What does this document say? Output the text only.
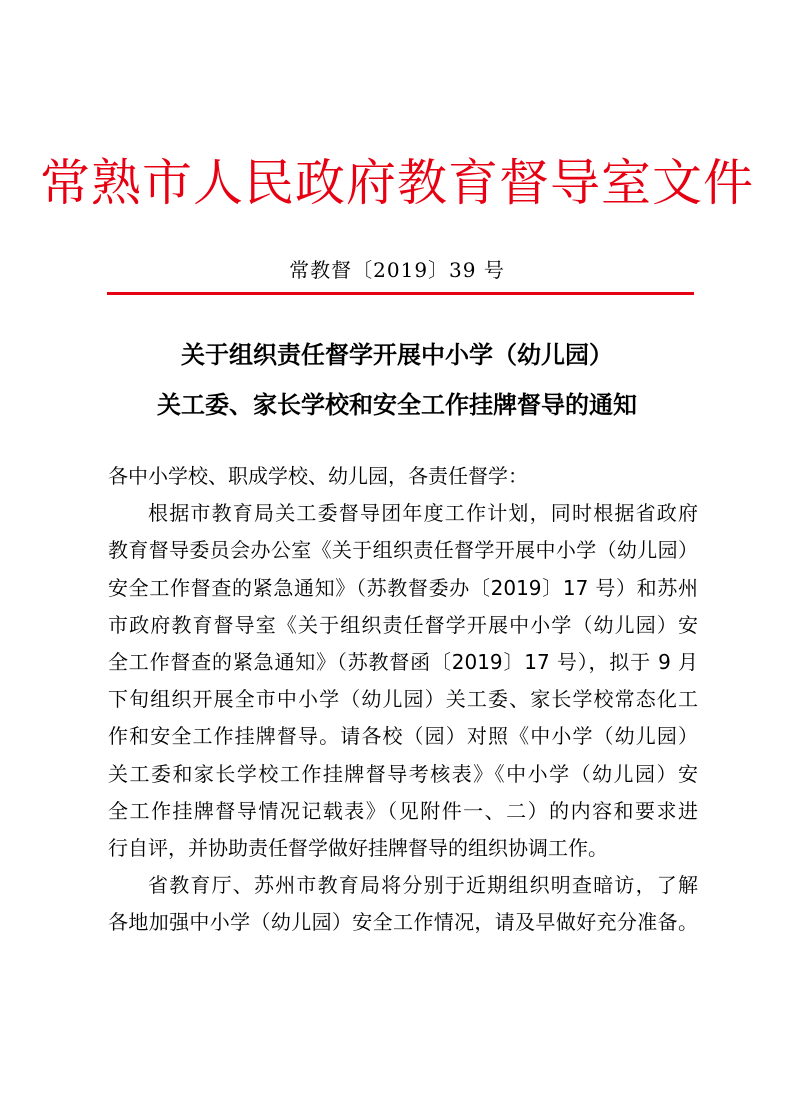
常熟市人民政府教育督导室文件
常教督〔2019〕39 号
关于组织责任督学开展中小学（幼儿园）
关工委、家长学校和安全工作挂牌督导的通知
各中小学校、职成学校、幼儿园，各责任督学：
根据市教育局关工委督导团年度工作计划，同时根据省政府
教育督导委员会办公室《关于组织责任督学开展中小学（幼儿园）
安全工作督查的紧急通知》（苏教督委办〔2019〕17 号）和苏州
市政府教育督导室《关于组织责任督学开展中小学（幼儿园）安
全工作督查的紧急通知》（苏教督函〔2019〕17 号），拟于 9 月
下旬组织开展全市中小学（幼儿园）关工委、家长学校常态化工
作和安全工作挂牌督导。请各校（园）对照《中小学（幼儿园）
关工委和家长学校工作挂牌督导考核表》《中小学（幼儿园）安
全工作挂牌督导情况记载表》（见附件一、二）的内容和要求进
行自评，并协助责任督学做好挂牌督导的组织协调工作。
省教育厅、苏州市教育局将分别于近期组织明查暗访，了解
各地加强中小学（幼儿园）安全工作情况，请及早做好充分准备。
